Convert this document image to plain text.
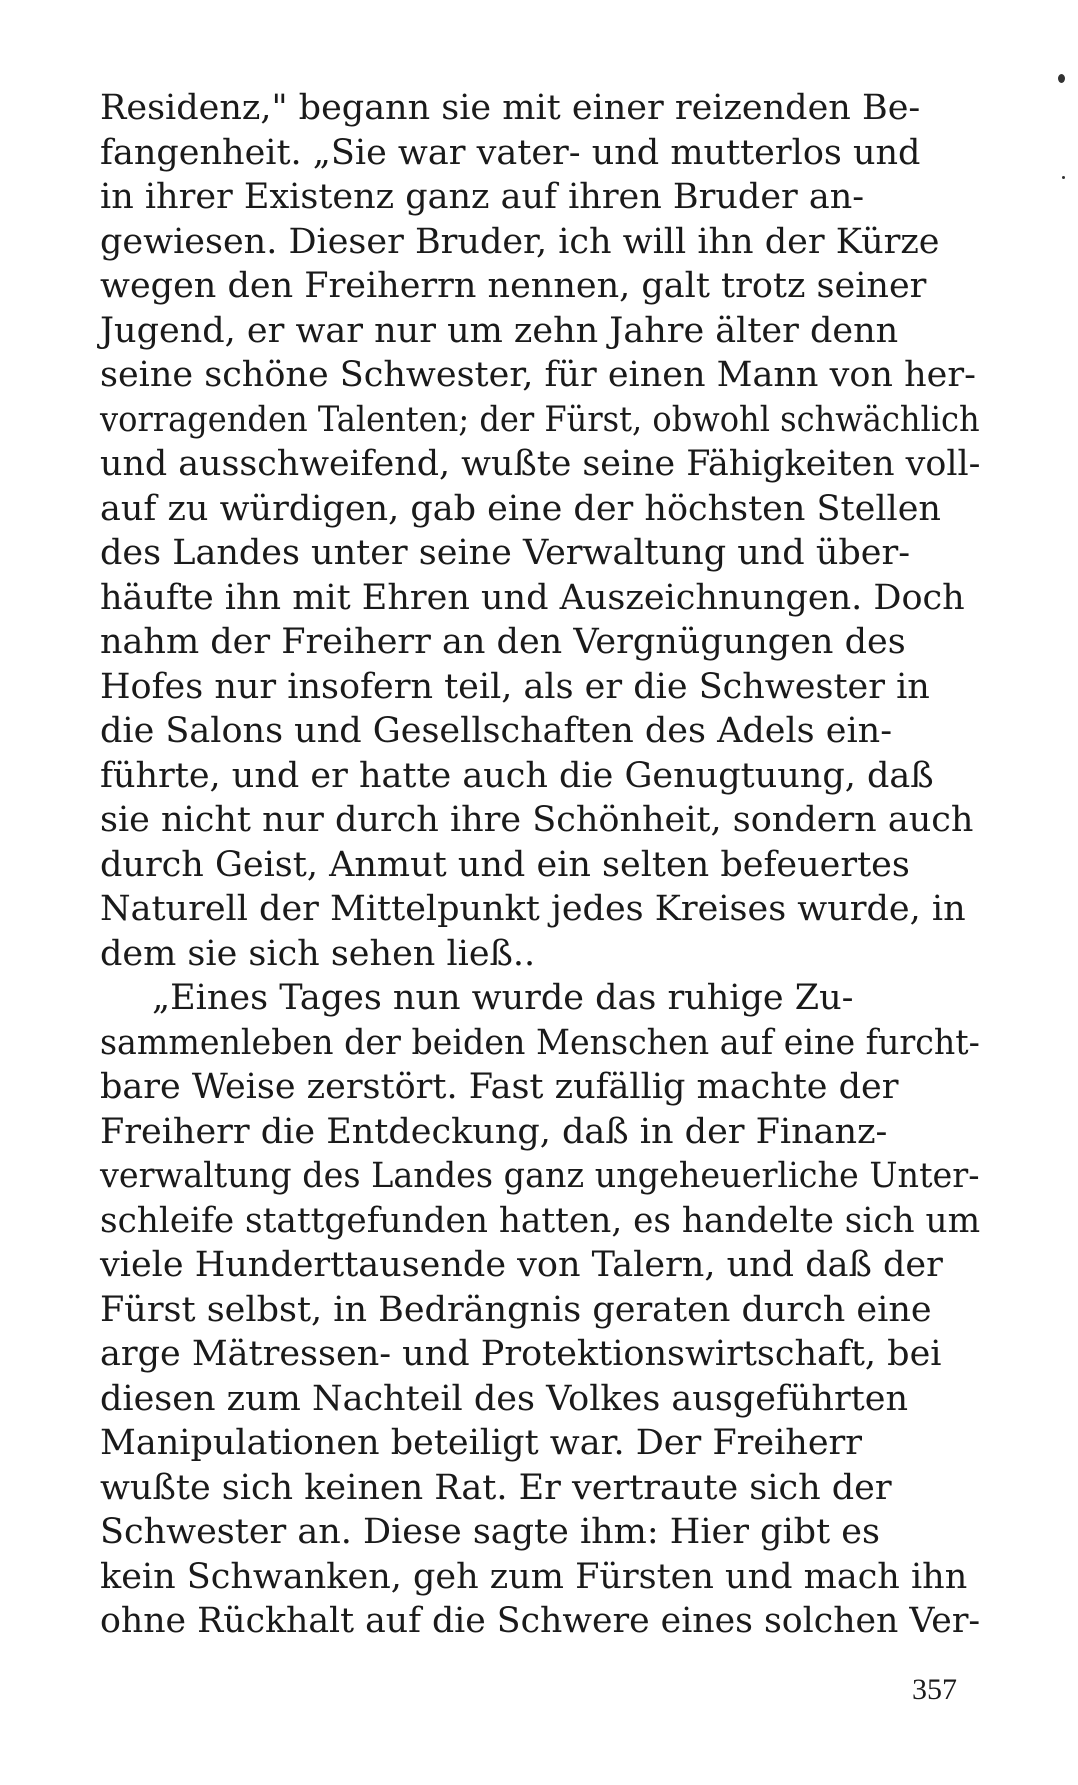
Residenz," begann sie mit einer reizenden Be-
fangenheit. „Sie war vater- und mutterlos und
in ihrer Existenz ganz auf ihren Bruder an-
gewiesen. Dieser Bruder, ich will ihn der Kürze
wegen den Freiherrn nennen, galt trotz seiner
Jugend, er war nur um zehn Jahre älter denn
seine schöne Schwester, für einen Mann von her-
vorragenden Talenten; der Fürst, obwohl schwächlich
und ausschweifend, wußte seine Fähigkeiten voll-
auf zu würdigen, gab eine der höchsten Stellen
des Landes unter seine Verwaltung und über-
häufte ihn mit Ehren und Auszeichnungen. Doch
nahm der Freiherr an den Vergnügungen des
Hofes nur insofern teil, als er die Schwester in
die Salons und Gesellschaften des Adels ein-
führte, und er hatte auch die Genugtuung, daß
sie nicht nur durch ihre Schönheit, sondern auch
durch Geist, Anmut und ein selten befeuertes
Naturell der Mittelpunkt jedes Kreises wurde, in
dem sie sich sehen ließ..
„Eines Tages nun wurde das ruhige Zu-
sammenleben der beiden Menschen auf eine furcht-
bare Weise zerstört. Fast zufällig machte der
Freiherr die Entdeckung, daß in der Finanz-
verwaltung des Landes ganz ungeheuerliche Unter-
schleife stattgefunden hatten, es handelte sich um
viele Hunderttausende von Talern, und daß der
Fürst selbst, in Bedrängnis geraten durch eine
arge Mätressen- und Protektionswirtschaft, bei
diesen zum Nachteil des Volkes ausgeführten
Manipulationen beteiligt war. Der Freiherr
wußte sich keinen Rat. Er vertraute sich der
Schwester an. Diese sagte ihm: Hier gibt es
kein Schwanken, geh zum Fürsten und mach ihn
ohne Rückhalt auf die Schwere eines solchen Ver-
357
